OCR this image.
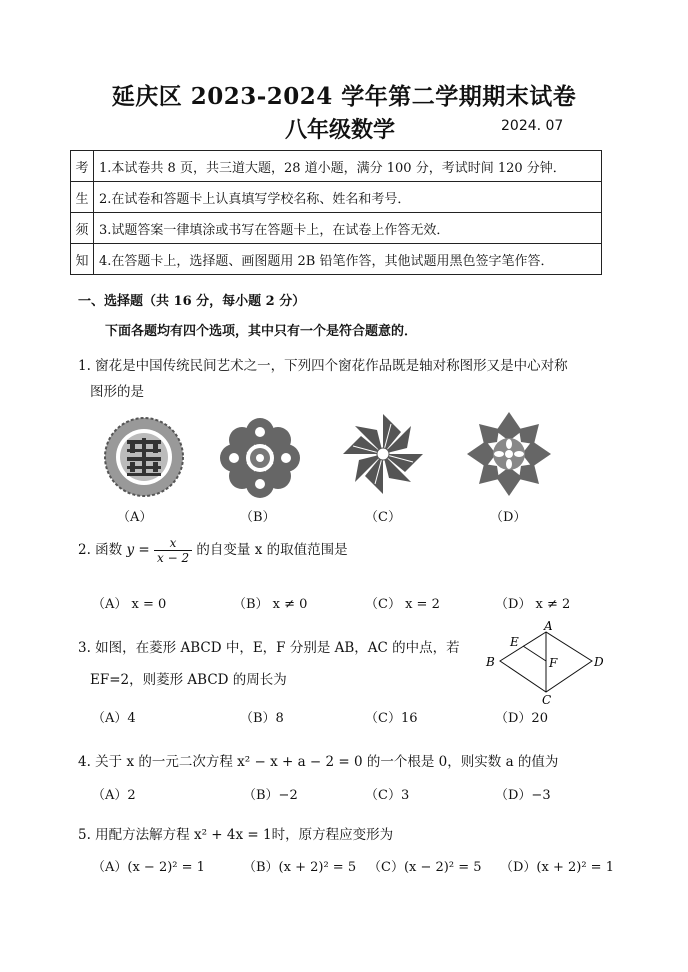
延庆区 2023-2024 学年第二学期期末试卷
八年级数学	2024. 07
考	1.本试卷共 8 页，共三道大题，28 道小题，满分 100 分，考试时间 120 分钟．
生	2.在试卷和答题卡上认真填写学校名称、姓名和考号．
须	3.试题答案一律填涂或书写在答题卡上，在试卷上作答无效．
知	4.在答题卡上，选择题、画图题用 2B 铅笔作答，其他试题用黑色签字笔作答．
一、选择题（共 16 分，每小题 2 分）
下面各题均有四个选项，其中只有一个是符合题意的．
1. 窗花是中国传统民间艺术之一，下列四个窗花作品既是轴对称图形又是中心对称
图形的是
（A）	（B）	（C）	（D）
2. 函数 $y = \frac{x}{x - 2}$ 的自变量 x 的取值范围是
（A） x = 0	（B） x ≠ 0	（C） x = 2	（D） x ≠ 2
3. 如图，在菱形 ABCD 中，E，F 分别是 AB，AC 的中点，若
EF=2，则菱形 ABCD 的周长为
A
B
C
D
E
F
（A）4	（B）8	（C）16	（D）20
4. 关于 x 的一元二次方程 x² − x + a − 2 = 0 的一个根是 0，则实数 a 的值为
（A）2	（B）−2	（C）3	（D）−3
5. 用配方法解方程 x² + 4x = 1时，原方程应变形为
（A）(x − 2)² = 1	（B）(x + 2)² = 5 （C）(x − 2)² = 5 （D）(x + 2)² = 1
